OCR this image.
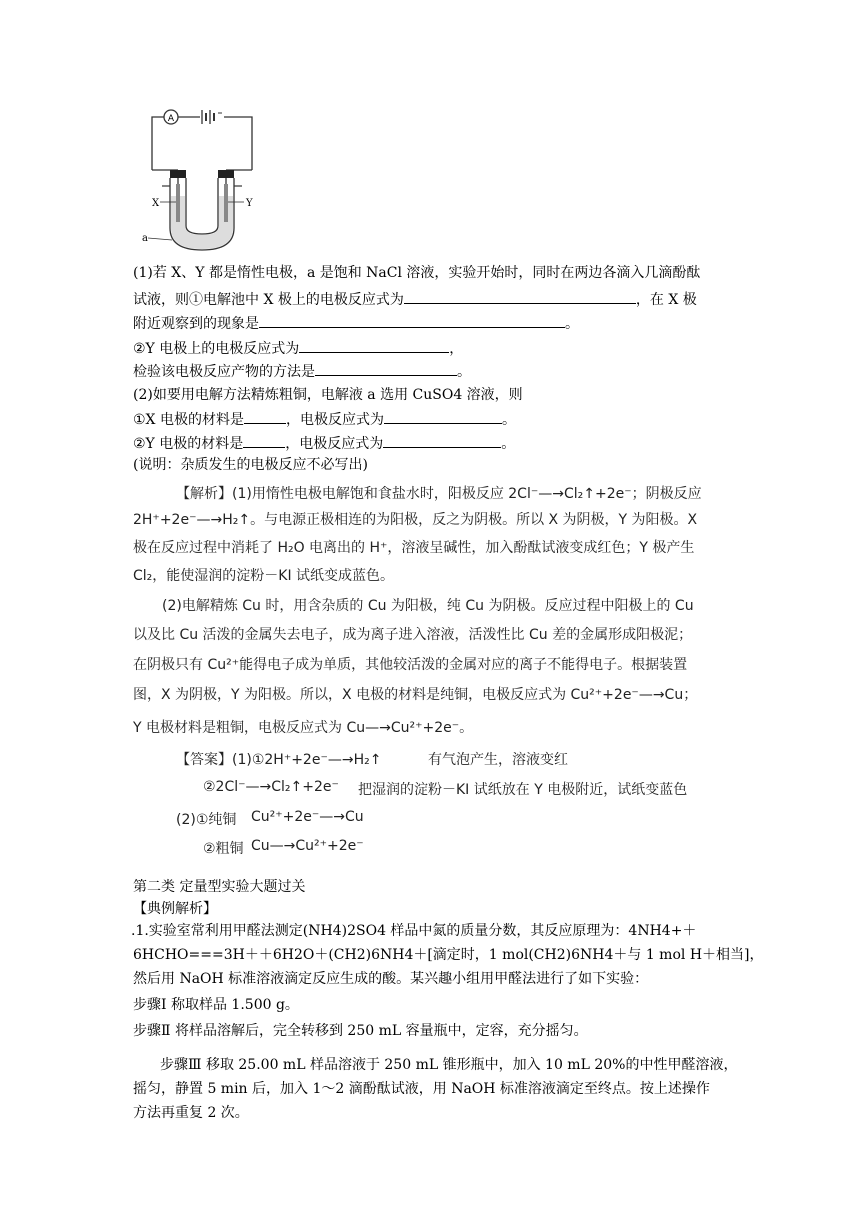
A
X	Y
a
(1)若 X、Y 都是惰性电极，a 是饱和 NaCl 溶液，实验开始时，同时在两边各滴入几滴酚酞
试液，则①电解池中 X 极上的电极反应式为	，在 X 极
附近观察到的现象是	。
②Y 电极上的电极反应式为	，
检验该电极反应产物的方法是	。
(2)如要用电解方法精炼粗铜，电解液 a 选用 CuSO4 溶液，则
①X 电极的材料是	，电极反应式为	。
②Y 电极的材料是	，电极反应式为	。
(说明：杂质发生的电极反应不必写出)
【解析】(1)用惰性电极电解饱和食盐水时，阳极反应 2Cl⁻—→Cl₂↑+2e⁻；阴极反应
2H⁺+2e⁻—→H₂↑。与电源正极相连的为阳极，反之为阴极。所以 X 为阴极，Y 为阳极。X
极在反应过程中消耗了 H₂O 电离出的 H⁺，溶液呈碱性，加入酚酞试液变成红色；Y 极产生
Cl₂，能使湿润的淀粉－KI 试纸变成蓝色。
(2)电解精炼 Cu 时，用含杂质的 Cu 为阳极，纯 Cu 为阴极。反应过程中阳极上的 Cu
以及比 Cu 活泼的金属失去电子，成为离子进入溶液，活泼性比 Cu 差的金属形成阳极泥；
在阴极只有 Cu²⁺能得电子成为单质，其他较活泼的金属对应的离子不能得电子。根据装置
图，X 为阴极，Y 为阳极。所以，X 电极的材料是纯铜，电极反应式为 Cu²⁺+2e⁻—→Cu；
Y 电极材料是粗铜，电极反应式为 Cu—→Cu²⁺+2e⁻。
【答案】(1)①2H⁺+2e⁻—→H₂↑	有气泡产生，溶液变红
②2Cl⁻—→Cl₂↑+2e⁻ 把湿润的淀粉－KI 试纸放在 Y 电极附近，试纸变蓝色
(2)①纯铜 Cu²⁺+2e⁻—→Cu
②粗铜 Cu—→Cu²⁺+2e⁻
第二类 定量型实验大题过关
【典例解析】
.1.实验室常利用甲醛法测定(NH4)2SO4 样品中氮的质量分数，其反应原理为：4NH4+＋
6HCHO===3H＋＋6H2O＋(CH2)6NH4＋[滴定时，1 mol(CH2)6NH4＋与 1 mol H＋相当]，
然后用 NaOH 标准溶液滴定反应生成的酸。某兴趣小组用甲醛法进行了如下实验：
步骤Ⅰ 称取样品 1.500 g。
步骤Ⅱ 将样品溶解后，完全转移到 250 mL 容量瓶中，定容，充分摇匀。
步骤Ⅲ 移取 25.00 mL 样品溶液于 250 mL 锥形瓶中，加入 10 mL 20%的中性甲醛溶液，
摇匀，静置 5 min 后，加入 1～2 滴酚酞试液，用 NaOH 标准溶液滴定至终点。按上述操作
方法再重复 2 次。
